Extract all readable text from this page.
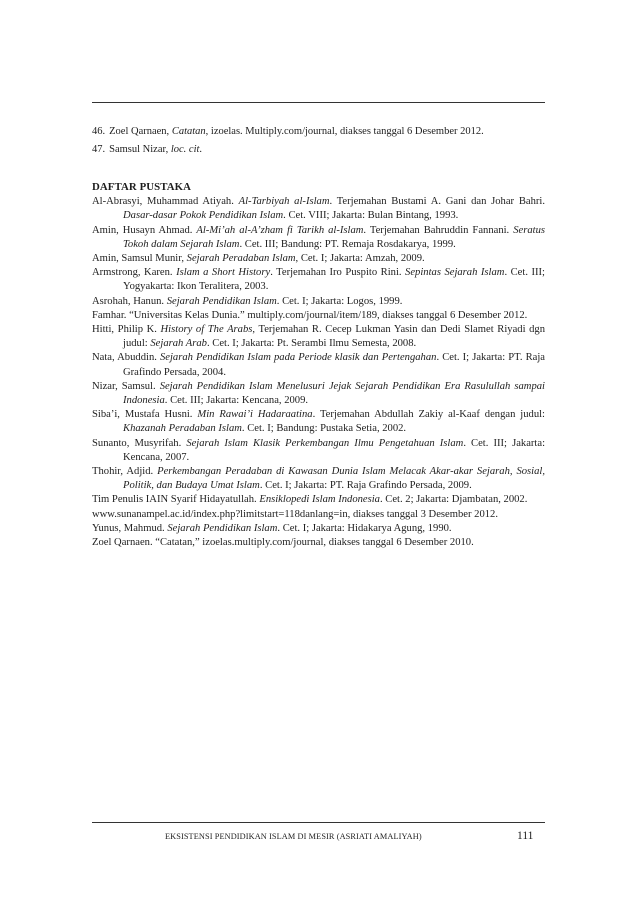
46. Zoel Qarnaen, Catatan, izoelas. Multiply.com/journal, diakses tanggal 6 Desember 2012.
47. Samsul Nizar, loc. cit.
DAFTAR PUSTAKA
Al-Abrasyi, Muhammad Atiyah. Al-Tarbiyah al-Islam. Terjemahan Bustami A. Gani dan Johar Bahri. Dasar-dasar Pokok Pendidikan Islam. Cet. VIII; Jakarta: Bulan Bintang, 1993.
Amin, Husayn Ahmad. Al-Mi’ah al-A’zham fi Tarikh al-Islam. Terjemahan Bahruddin Fannani. Seratus Tokoh dalam Sejarah Islam. Cet. III; Bandung: PT. Remaja Rosdakarya, 1999.
Amin, Samsul Munir, Sejarah Peradaban Islam, Cet. I; Jakarta: Amzah, 2009.
Armstrong, Karen. Islam a Short History. Terjemahan Iro Puspito Rini. Sepintas Sejarah Islam. Cet. III; Yogyakarta: Ikon Teralitera, 2003.
Asrohah, Hanun. Sejarah Pendidikan Islam. Cet. I; Jakarta: Logos, 1999.
Famhar. “Universitas Kelas Dunia.” multiply.com/journal/item/189, diakses tanggal 6 Desember 2012.
Hitti, Philip K. History of The Arabs, Terjemahan R. Cecep Lukman Yasin dan Dedi Slamet Riyadi dgn judul: Sejarah Arab. Cet. I; Jakarta: Pt. Serambi Ilmu Semesta, 2008.
Nata, Abuddin. Sejarah Pendidikan Islam pada Periode klasik dan Pertengahan. Cet. I; Jakarta: PT. Raja Grafindo Persada, 2004.
Nizar, Samsul. Sejarah Pendidikan Islam Menelusuri Jejak Sejarah Pendidikan Era Rasulullah sampai Indonesia. Cet. III; Jakarta: Kencana, 2009.
Siba’i, Mustafa Husni. Min Rawai’i Hadaraatina. Terjemahan Abdullah Zakiy al-Kaaf dengan judul: Khazanah Peradaban Islam. Cet. I; Bandung: Pustaka Setia, 2002.
Sunanto, Musyrifah. Sejarah Islam Klasik Perkembangan Ilmu Pengetahuan Islam. Cet. III; Jakarta: Kencana, 2007.
Thohir, Adjid. Perkembangan Peradaban di Kawasan Dunia Islam Melacak Akar-akar Sejarah, Sosial, Politik, dan Budaya Umat Islam. Cet. I; Jakarta: PT. Raja Grafindo Persada, 2009.
Tim Penulis IAIN Syarif Hidayatullah. Ensiklopedi Islam Indonesia. Cet. 2; Jakarta: Djambatan, 2002.
www.sunanampel.ac.id/index.php?limitstart=118danlang=in, diakses tanggal 3 Desember 2012.
Yunus, Mahmud. Sejarah Pendidikan Islam. Cet. I; Jakarta: Hidakarya Agung, 1990.
Zoel Qarnaen. “Catatan,” izoelas.multiply.com/journal, diakses tanggal 6 Desember 2010.
EKSISTENSI PENDIDIKAN ISLAM DI MESIR (ASRIATI AMALIYAH)	111
